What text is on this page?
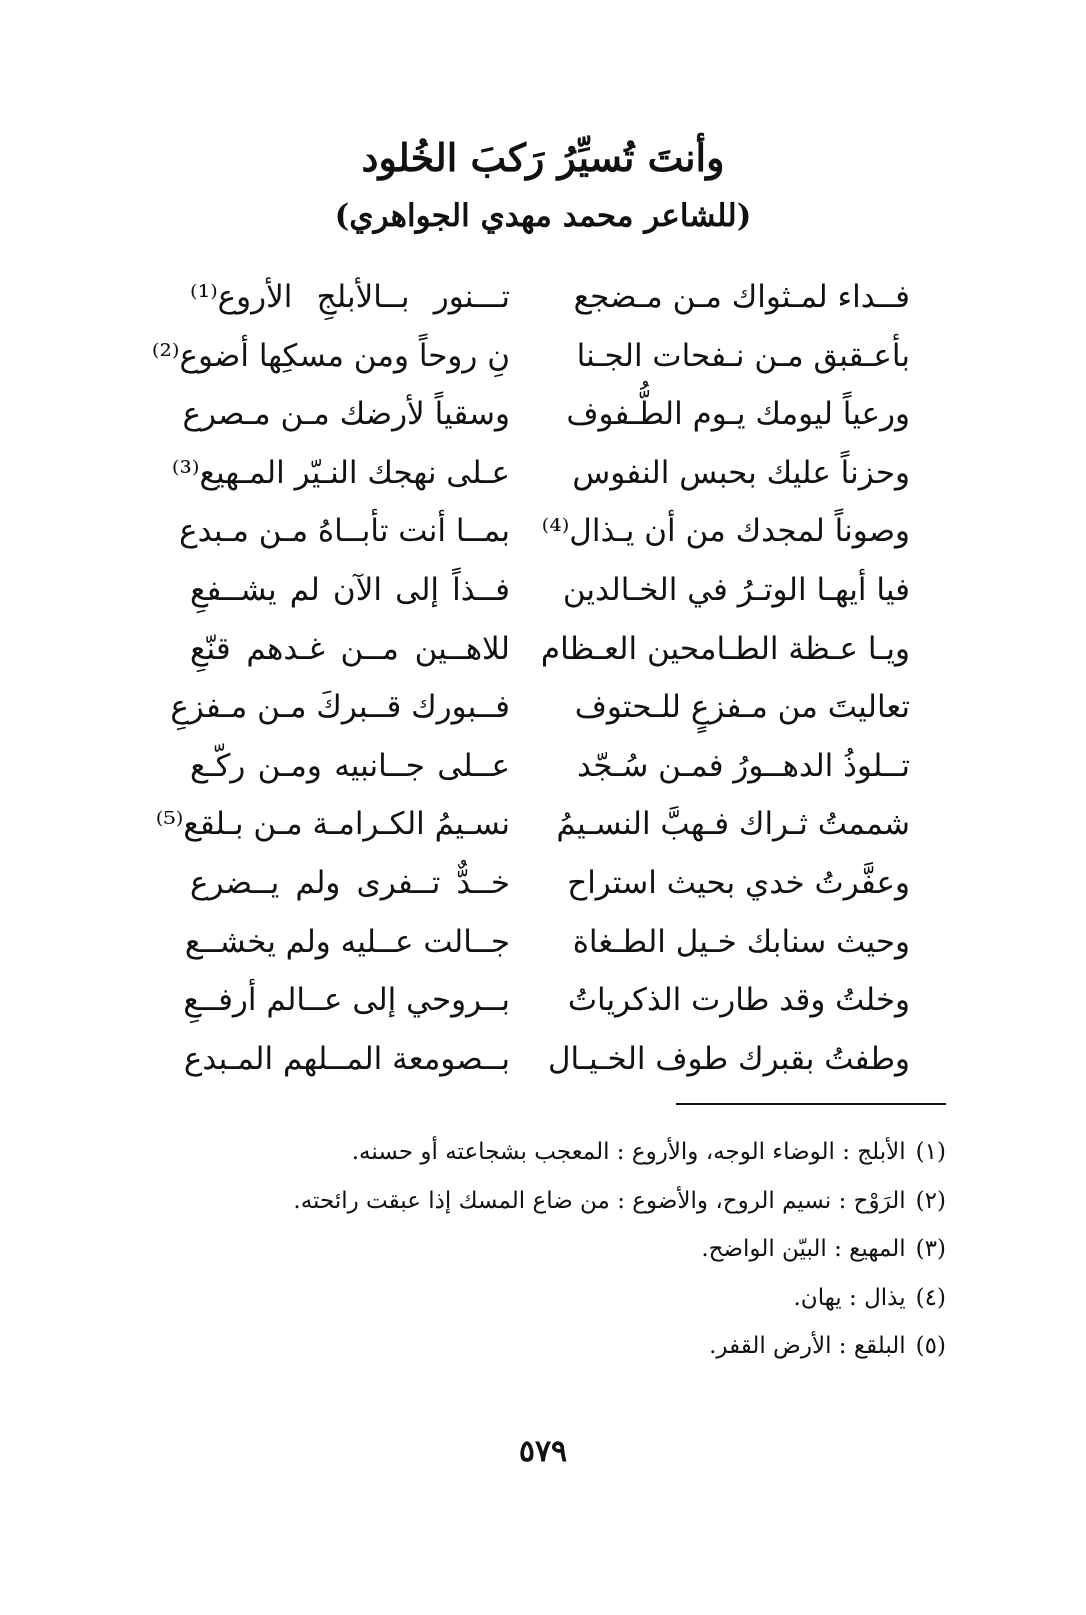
وأنتَ تُسيِّرُ رَكبَ الخُلود
(للشاعر محمد مهدي الجواهري)
فــداء لمـثواك مـن مـضجع
تـــنور بــالأبلجِ الأروع⁽¹⁾
بأعـقبق مـن نـفحات الجـنا
نِ روحاً ومن مسكِها أضوع⁽²⁾
ورعياً ليومك يـوم الطُّـفوف
وسقياً لأرضك مـن مـصرع
وحزناً عليك بحبس النفوس
عـلى نهجك النـيّر المـهيع⁽³⁾
وصوناً لمجدك من أن يـذال⁽⁴⁾
بمــا أنت تأبــاهُ مـن مـبدع
فيا أيهـا الوتـرُ في الخـالدين
فــذاً إلى الآن لم يشــفعِ
ويـا عـظة الطـامحين العـظام
للاهــين مــن غـدهم قنّعِ
تعاليتَ من مـفزعٍ للـحتوف
فــبورك قــبركَ مـن مـفزعِ
تــلوذُ الدهــورُ فمـن سُـجّد
عــلى جــانبيه ومـن ركّـع
شممتُ ثـراك فـهبَّ النسـيمُ
نسـيمُ الكـرامـة مـن بـلقع⁽⁵⁾
وعفَّرتُ خدي بحيث استراح
خــدٌّ تــفرى ولم يــضرع
وحيث سنابك خـيل الطـغاة
جــالت عــليه ولم يخشــع
وخلتُ وقد طارت الذكرياتُ
بــروحي إلى عــالم أرفــعِ
وطفتُ بقبرك طوف الخـيـال
بــصومعة المــلهم المـبدع
(١)الأبلج : الوضاء الوجه، والأروع : المعجب بشجاعته أو حسنه.
(٢)الرَوْح : نسيم الروح، والأضوع : من ضاع المسك إذا عبقت رائحته.
(٣)المهيع : البيّن الواضح.
(٤)يذال : يهان.
(٥)البلقع : الأرض القفر.
٥٧٩
